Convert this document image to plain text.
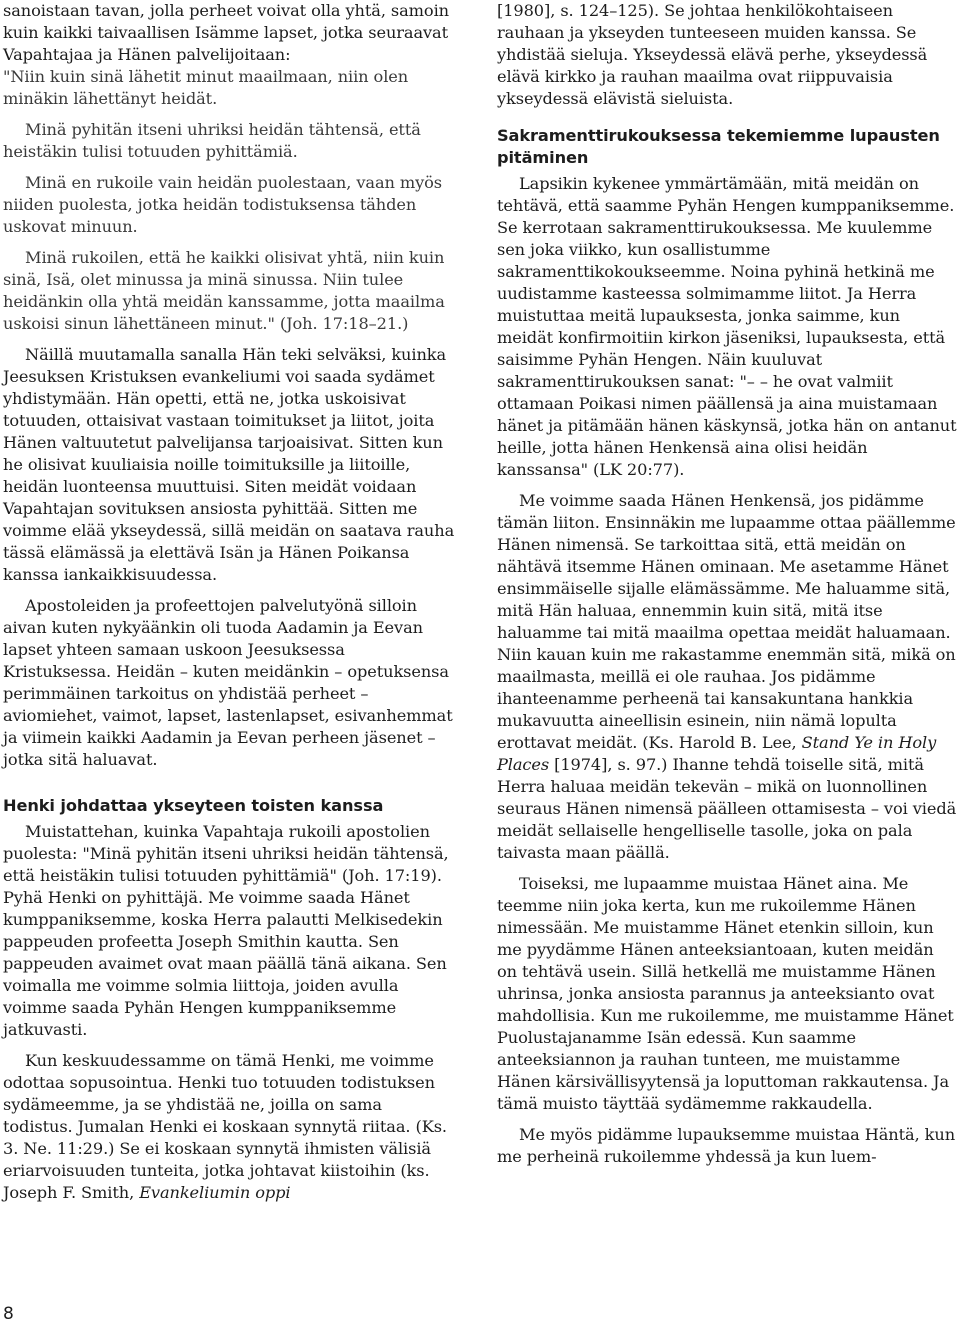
sanoistaan tavan, jolla perheet voivat olla yhtä, samoin kuin kaikki taivaallisen Isämme lapset, jotka seuraavat Vapahtajaa ja Hänen palvelijoitaan:

"Niin kuin sinä lähetit minut maailmaan, niin olen minäkin lähettänyt heidät.

Minä pyhitän itseni uhriksi heidän tähtensä, että heistäkin tulisi totuuden pyhittämiä.

Minä en rukoile vain heidän puolestaan, vaan myös niiden puolesta, jotka heidän todistuksensa tähden uskovat minuun.

Minä rukoilen, että he kaikki olisivat yhtä, niin kuin sinä, Isä, olet minussa ja minä sinussa. Niin tulee heidänkin olla yhtä meidän kanssamme, jotta maailma uskoisi sinun lähettäneen minut." (Joh. 17:18–21.)

Näillä muutamalla sanalla Hän teki selväksi, kuinka Jeesuksen Kristuksen evankeliumi voi saada sydämet yhdistymään. Hän opetti, että ne, jotka uskoisivat totuuden, ottaisivat vastaan toimitukset ja liitot, joita Hänen valtuutetut palvelijansa tarjoaisivat. Sitten kun he olisivat kuuliaisia noille toimituksille ja liitoille, heidän luonteensa muuttuisi. Siten meidät voidaan Vapahtajan sovituksen ansiosta pyhittää. Sitten me voimme elää ykseydessä, sillä meidän on saatava rauha tässä elämässä ja elettävä Isän ja Hänen Poikansa kanssa iankaikkisuudessa.

Apostoleiden ja profeettojen palvelutyönä silloin aivan kuten nykyäänkin oli tuoda Aadamin ja Eevan lapset yhteen samaan uskoon Jeesuksessa Kristuksessa. Heidän – kuten meidänkin – opetuksensa perimmäinen tarkoitus on yhdistää perheet – aviomiehet, vaimot, lapset, lastenlapset, esivanhemmat ja viimein kaikki Aadamin ja Eevan perheen jäsenet – jotka sitä haluavat.

Henki johdattaa ykseyteen toisten kanssa

Muistattehan, kuinka Vapahtaja rukoili apostolien puolesta: "Minä pyhitän itseni uhriksi heidän tähtensä, että heistäkin tulisi totuuden pyhittämiä" (Joh. 17:19). Pyhä Henki on pyhittäjä. Me voimme saada Hänet kumppaniksemme, koska Herra palautti Melkisedekin pappeuden profeetta Joseph Smithin kautta. Sen pappeuden avaimet ovat maan päällä tänä aikana. Sen voimalla me voimme solmia liittoja, joiden avulla voimme saada Pyhän Hengen kumppaniksemme jatkuvasti.

Kun keskuudessamme on tämä Henki, me voimme odottaa sopusointua. Henki tuo totuuden todistuksen sydämeemme, ja se yhdistää ne, joilla on sama todistus. Jumalan Henki ei koskaan synnytä riitaa. (Ks. 3. Ne. 11:29.) Se ei koskaan synnytä ihmisten välisiä eriarvoisuuden tunteita, jotka johtavat kiistoihin (ks. Joseph F. Smith, Evankeliumin oppi

[1980], s. 124–125). Se johtaa henkilökohtaiseen rauhaan ja ykseyden tunteeseen muiden kanssa. Se yhdistää sieluja. Ykseydessä elävä perhe, ykseydessä elävä kirkko ja rauhan maailma ovat riippuvaisia ykseydessä elävistä sieluista.

Sakramenttirukouksessa tekemiemme lupausten pitäminen

Lapsikin kykenee ymmärtämään, mitä meidän on tehtävä, että saamme Pyhän Hengen kumppaniksemme. Se kerrotaan sakramenttirukouksessa. Me kuulemme sen joka viikko, kun osallistumme sakramenttikokoukseemme. Noina pyhinä hetkinä me uudistamme kasteessa solmimamme liitot. Ja Herra muistuttaa meitä lupauksesta, jonka saimme, kun meidät konfirmoitiin kirkon jäseniksi, lupauksesta, että saisimme Pyhän Hengen. Näin kuuluvat sakramenttirukouksen sanat: "– – he ovat valmiit ottamaan Poikasi nimen päällensä ja aina muistamaan hänet ja pitämään hänen käskynsä, jotka hän on antanut heille, jotta hänen Henkensä aina olisi heidän kanssansa" (LK 20:77).

Me voimme saada Hänen Henkensä, jos pidämme tämän liiton. Ensinnäkin me lupaamme ottaa päällemme Hänen nimensä. Se tarkoittaa sitä, että meidän on nähtävä itsemme Hänen ominaan. Me asetamme Hänet ensimmäiselle sijalle elämässämme. Me haluamme sitä, mitä Hän haluaa, ennemmin kuin sitä, mitä itse haluamme tai mitä maailma opettaa meidät haluamaan. Niin kauan kuin me rakastamme enemmän sitä, mikä on maailmasta, meillä ei ole rauhaa. Jos pidämme ihanteenamme perheenä tai kansakuntana hankkia mukavuutta aineellisin esinein, niin nämä lopulta erottavat meidät. (Ks. Harold B. Lee, Stand Ye in Holy Places [1974], s. 97.) Ihanne tehdä toiselle sitä, mitä Herra haluaa meidän tekevän – mikä on luonnollinen seuraus Hänen nimensä päälleen ottamisesta – voi viedä meidät sellaiselle hengelliselle tasolle, joka on pala taivasta maan päällä.

Toiseksi, me lupaamme muistaa Hänet aina. Me teemme niin joka kerta, kun me rukoilemme Hänen nimessään. Me muistamme Hänet etenkin silloin, kun me pyydämme Hänen anteeksiantoaan, kuten meidän on tehtävä usein. Sillä hetkellä me muistamme Hänen uhrinsa, jonka ansiosta parannus ja anteeksianto ovat mahdollisia. Kun me rukoilemme, me muistamme Hänet Puolustajanamme Isän edessä. Kun saamme anteeksiannon ja rauhan tunteen, me muistamme Hänen kärsivällisyytensä ja loputtoman rakkautensa. Ja tämä muisto täyttää sydämemme rakkaudella.

Me myös pidämme lupauksemme muistaa Häntä, kun me perheinä rukoilemme yhdessä ja kun luem-

8
